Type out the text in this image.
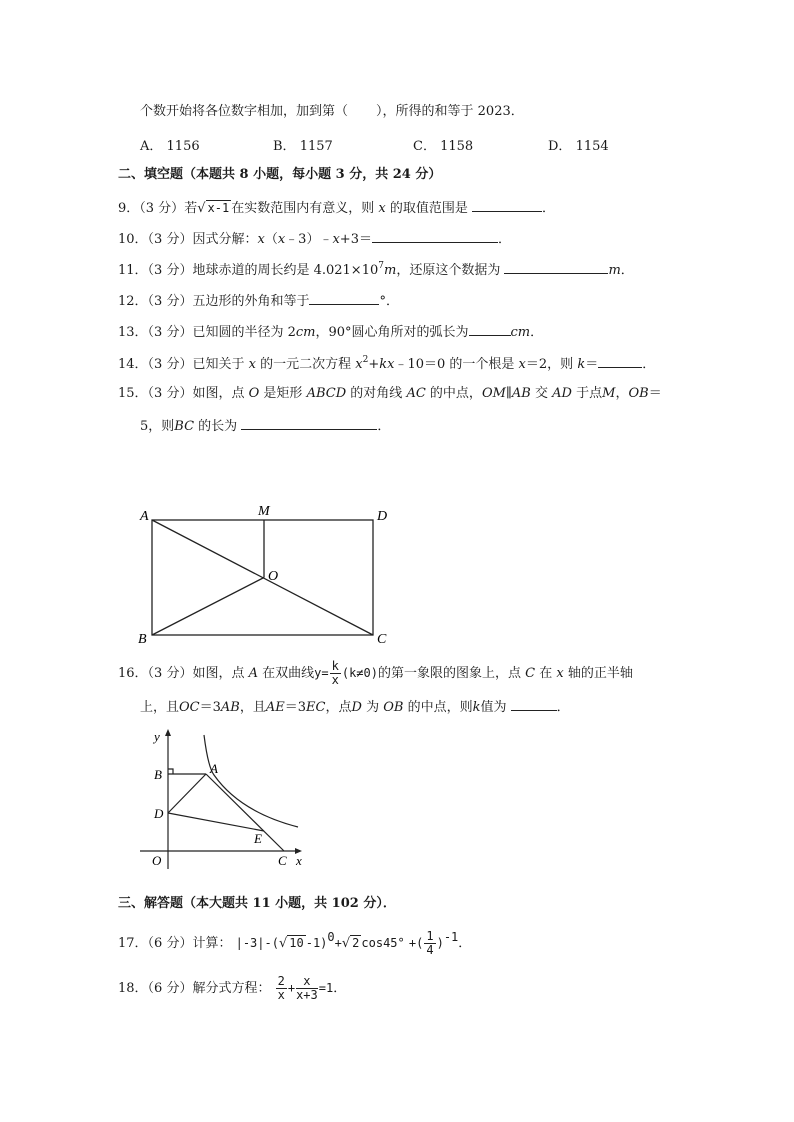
个数开始将各位数字相加，加到第（ ），所得的和等于 2023．
A． 1156	B． 1157	C． 1158	D． 1154
二、填空题（本题共 8 小题，每小题 3 分，共 24 分）
9．（3 分）若√ x-1 在实数范围内有意义，则 x 的取值范围是	．
10．（3 分）因式分解：x（x﹣3）﹣x+3＝	．
11．（3 分）地球赤道的周长约是 $4.021\times 10^7m$，还原这个数据为	m．
12．（3 分）五边形的外角和等于	°．
13．（3 分）已知圆的半径为 2cm，90°圆心角所对的弧长为	cm．
14．（3 分）已知关于 x 的一元二次方程 $x^2+kx﹣10=0$ 的一个根是 x＝2，则 k＝	．
15．（3 分）如图，点 O 是矩形 ABCD 的对角线 AC 的中点，OM∥AB 交 AD 于点M，OB＝
5，则BC 的长为	．
A	M	D
O
B	C
16．（3 分）如图，点 A 在双曲线$y= \frac{k}{x} (k\ne 0)$的第一象限的图象上，点 C 在 x 轴的正半轴
上，且OC＝3AB，且AE＝3EC，点D 为 OB 的中点，则k值为	．
y
B	A
D
E
O	C x
三、解答题（本大题共 11 小题，共 102 分）．
17．（6 分）计算： |-3|-(√ 10 -1)$^0$+√ 2 cos45° +( $\frac{1}{4} )^{-1}$．
18．（6 分）解分式方程： $\frac{2}{x} + \frac{x}{x+3} =1$．
